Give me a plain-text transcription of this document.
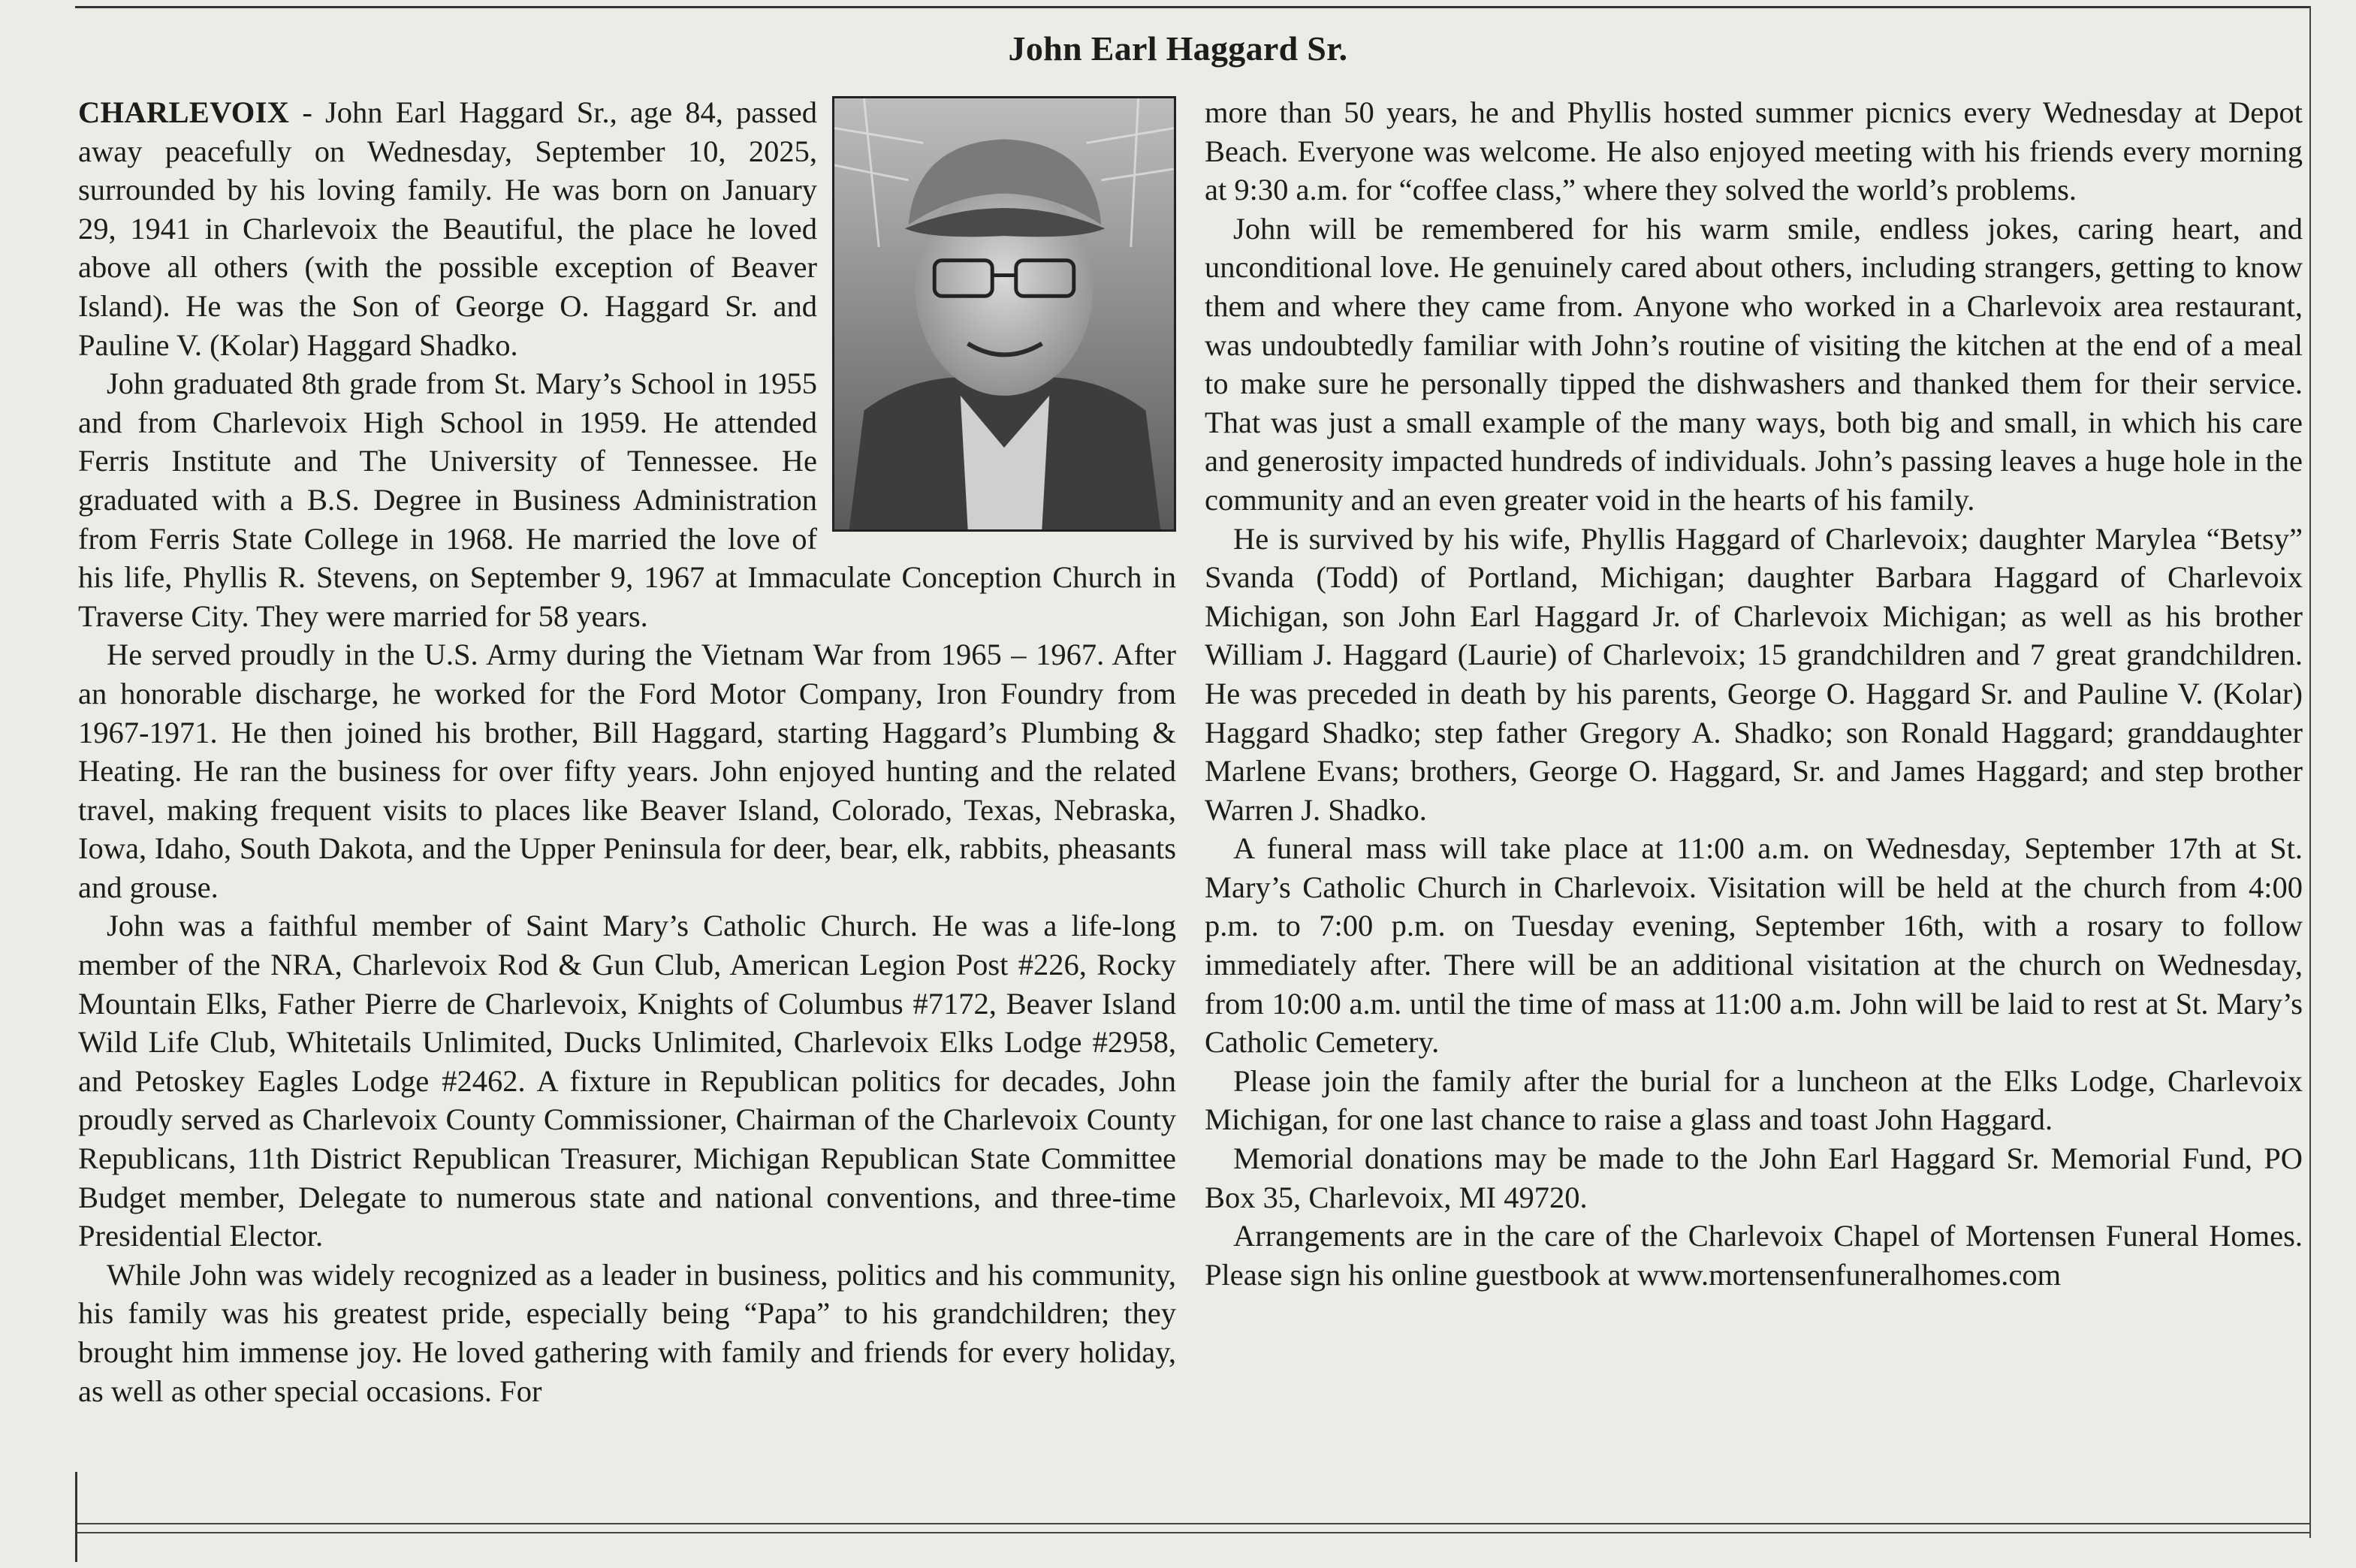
John Earl Haggard Sr.

CHARLEVOIX - John Earl Haggard Sr., age 84, passed away peacefully on Wednesday, September 10, 2025, surrounded by his loving family. He was born on January 29, 1941 in Charlevoix the Beautiful, the place he loved above all others (with the possible exception of Beaver Island). He was the Son of George O. Haggard Sr. and Pauline V. (Kolar) Haggard Shadko.

John graduated 8th grade from St. Mary’s School in 1955 and from Charlevoix High School in 1959. He attended Ferris Institute and The University of Tennessee. He graduated with a B.S. Degree in Business Administration from Ferris State College in 1968. He married the love of his life, Phyllis R. Stevens, on September 9, 1967 at Immaculate Conception Church in Traverse City. They were married for 58 years.

He served proudly in the U.S. Army during the Vietnam War from 1965 – 1967. After an honorable discharge, he worked for the Ford Motor Company, Iron Foundry from 1967-1971. He then joined his brother, Bill Haggard, starting Haggard’s Plumbing & Heating. He ran the business for over fifty years. John enjoyed hunting and the related travel, making frequent visits to places like Beaver Island, Colorado, Texas, Nebraska, Iowa, Idaho, South Dakota, and the Upper Peninsula for deer, bear, elk, rabbits, pheasants and grouse.

John was a faithful member of Saint Mary’s Catholic Church. He was a life-long member of the NRA, Charlevoix Rod & Gun Club, American Legion Post #226, Rocky Mountain Elks, Father Pierre de Charlevoix, Knights of Columbus #7172, Beaver Island Wild Life Club, Whitetails Unlimited, Ducks Unlimited, Charlevoix Elks Lodge #2958, and Petoskey Eagles Lodge #2462. A fixture in Republican politics for decades, John proudly served as Charlevoix County Commissioner, Chairman of the Charlevoix County Republicans, 11th District Republican Treasurer, Michigan Republican State Committee Budget member, Delegate to numerous state and national conventions, and three-time Presidential Elector.

While John was widely recognized as a leader in business, politics and his community, his family was his greatest pride, especially being “Papa” to his grandchildren; they brought him immense joy. He loved gathering with family and friends for every holiday, as well as other special occasions. For

more than 50 years, he and Phyllis hosted summer picnics every Wednesday at Depot Beach. Everyone was welcome. He also enjoyed meeting with his friends every morning at 9:30 a.m. for “coffee class,” where they solved the world’s problems.

John will be remembered for his warm smile, endless jokes, caring heart, and unconditional love. He genuinely cared about others, including strangers, getting to know them and where they came from. Anyone who worked in a Charlevoix area restaurant, was undoubtedly familiar with John’s routine of visiting the kitchen at the end of a meal to make sure he personally tipped the dishwashers and thanked them for their service. That was just a small example of the many ways, both big and small, in which his care and generosity impacted hundreds of individuals. John’s passing leaves a huge hole in the community and an even greater void in the hearts of his family.

He is survived by his wife, Phyllis Haggard of Charlevoix; daughter Marylea “Betsy” Svanda (Todd) of Portland, Michigan; daughter Barbara Haggard of Charlevoix Michigan, son John Earl Haggard Jr. of Charlevoix Michigan; as well as his brother William J. Haggard (Laurie) of Charlevoix; 15 grandchildren and 7 great grandchildren. He was preceded in death by his parents, George O. Haggard Sr. and Pauline V. (Kolar) Haggard Shadko; step father Gregory A. Shadko; son Ronald Haggard; granddaughter Marlene Evans; brothers, George O. Haggard, Sr. and James Haggard; and step brother Warren J. Shadko.

A funeral mass will take place at 11:00 a.m. on Wednesday, September 17th at St. Mary’s Catholic Church in Charlevoix. Visitation will be held at the church from 4:00 p.m. to 7:00 p.m. on Tuesday evening, September 16th, with a rosary to follow immediately after. There will be an additional visitation at the church on Wednesday, from 10:00 a.m. until the time of mass at 11:00 a.m. John will be laid to rest at St. Mary’s Catholic Cemetery.

Please join the family after the burial for a luncheon at the Elks Lodge, Charlevoix Michigan, for one last chance to raise a glass and toast John Haggard.

Memorial donations may be made to the John Earl Haggard Sr. Memorial Fund, PO Box 35, Charlevoix, MI 49720.

Arrangements are in the care of the Charlevoix Chapel of Mortensen Funeral Homes. Please sign his online guestbook at www.mortensenfuneralhomes.com
